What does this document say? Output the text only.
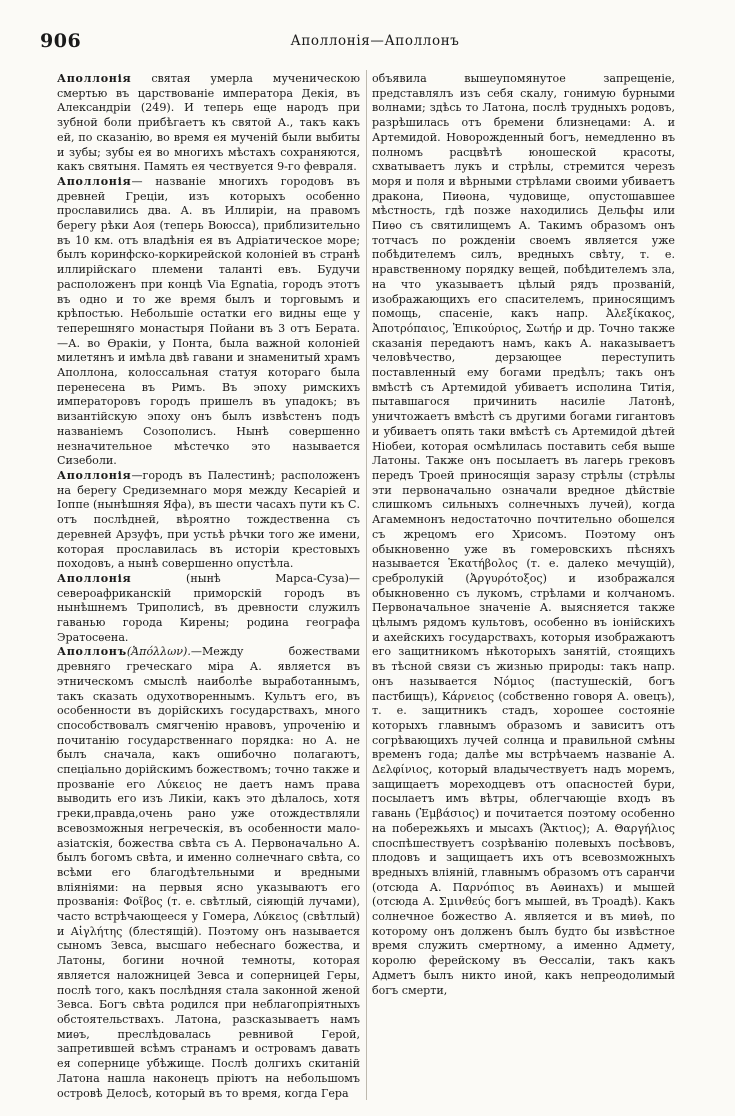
906	Аполлонія—Аполлонъ

Аполлонія святая умерла мученическою смертью въ царствованіе императора Декія, въ Александріи (249). И теперь еще народъ при зубной боли прибѣгаетъ къ святой А., такъ какъ ей, по сказанію, во время ея мученій были выбиты и зубы; зубы ея во многихъ мѣстахъ сохраняются, какъ святыня. Память ея чествуется 9-го февраля.

Аполлонія— названіе многихъ городовъ въ древней Греціи, изъ которыхъ особенно прославились два. А. въ Иллиріи, на правомъ берегу рѣки Аоя (теперь Воюсса), приблизительно въ 10 км. отъ владѣнія ея въ Адріатическое море; былъ коринфско-коркирейской колоніей въ странѣ иллирійскаго племени таланті евъ. Будучи расположенъ при концѣ Via Egnatia, городъ этотъ въ одно и то же время былъ и торговымъ и крѣпостью. Небольшіе остатки его видны еще у теперешняго монастыря Пойани въ 3 отъ Берата.—А. во Ѳракіи, у Понта, была важной колоніей милетянъ и имѣла двѣ гавани и знаменитый храмъ Аполлона, колоссальная статуя котораго была перенесена въ Римъ. Въ эпоху римскихъ императоровъ городъ пришелъ въ упадокъ; въ византійскую эпоху онъ былъ извѣстенъ подъ названіемъ Созополисъ. Нынѣ совершенно незначительное мѣстечко это называется Сизеболи.

Аполлонія—городъ въ Палестинѣ; расположенъ на берегу Средиземнаго моря между Кесаріей и Іоппе (нынѣшняя Яфа), въ шести часахъ пути къ С. отъ послѣдней, вѣроятно тождественна съ деревней Арзуфъ, при устьѣ рѣчки того же имени, которая прославилась въ исторіи крестовыхъ походовъ, а нынѣ совершенно опустѣла.

Аполлонія	(нынѣ Марса-Суза)—североафриканскій приморскій городъ въ нынѣшнемъ Триполисѣ, въ древности служилъ гаванью города Кирены; родина географа Эратосѳена.

Аполлонъ(Ἀπόλλων).—Между божествами древняго греческаго міра А. является въ этническомъ смыслѣ наиболѣе выработаннымъ, такъ сказать одухотвореннымъ. Культъ его, въ особенности въ дорійскихъ государствахъ, много способствовалъ смягченію нравовъ, упроченію и почитанію государственнаго порядка: но А. не былъ сначала, какъ ошибочно полагаютъ, спеціально дорійскимъ божествомъ; точно также и прозваніе его Λύκειος не даетъ намъ права выводить его изъ Ликіи, какъ это дѣлалось, хотя греки,правда,очень рано уже отождествляли всевозможныя негреческія, въ особенности мало-азіатскія, божества свѣта съ А. Первоначально А. былъ богомъ свѣта, и именно солнечнаго свѣта, со всѣми его благодѣтельными и вредными вліяніями: на первыя ясно указываютъ его прозванія: Φοῖβος (т. е. свѣтлый, сіяющій лучами), часто встрѣчающееся у Гомера, Λύκειος (свѣтлый) и Αἰγλήτης (блестящій). Поэтому онъ называется сыномъ Зевса, высшаго небеснаго божества, и Латоны, богини ночной темноты, которая является наложницей Зевса и соперницей Геры, послѣ того, какъ послѣдняя стала законной женой Зевса. Богъ свѣта родился при неблагопріятныхъ обстоятельствахъ. Латона, разсказываетъ намъ миѳъ, преслѣдовалась ревнивой Герой, запретившей всѣмъ странамъ и островамъ давать ея сопернице убѣжище. Послѣ долгихъ скитаній Латона нашла наконецъ пріютъ на небольшомъ островѣ Делосѣ, который въ то время, когда Гера

объявила вышеупомянутое запрещеніе, представлялъ изъ себя скалу, гонимую бурными волнами; здѣсь то Латона, послѣ трудныхъ родовъ, разрѣшилась отъ бремени близнецами: А. и Артемидой. Новорожденный богъ, немедленно въ полномъ расцвѣтѣ юношеской красоты, схватываетъ лукъ и стрѣлы, стремится черезъ моря и поля и вѣрными стрѣлами своими убиваетъ дракона, Пиѳона, чудовище, опустошавшее мѣстность, гдѣ позже находились Дельфы или Пиѳо съ святилищемъ А. Такимъ образомъ онъ тотчасъ по рожденіи своемъ является уже побѣдителемъ силъ, вредныхъ свѣту, т. е. нравственному порядку вещей, побѣдителемъ зла, на что указываетъ цѣлый рядъ прозваній, изображающихъ его спасителемъ, приносящимъ помощь, спасеніе, какъ напр. Ἀλεξίκακος, Ἀποτρόπαιος, Ἐπικούριος, Σωτήρ и др. Точно также сказанія передаютъ намъ, какъ А. наказываетъ человѣчество, дерзающее переступить поставленный ему богами предѣлъ; такъ онъ вмѣстѣ съ Артемидой убиваетъ исполина Титія, пытавшагося причинить насиліе Латонѣ, уничтожаетъ вмѣстѣ съ другими богами гигантовъ и убиваетъ опять таки вмѣстѣ съ Артемидой дѣтей Ніобеи, которая осмѣлилась поставить себя выше Латоны. Также онъ посылаетъ въ лагерь грековъ передъ Троей приносящія заразу стрѣлы (стрѣлы эти первоначально означали вредное дѣйствіе слишкомъ сильныхъ солнечныхъ лучей), когда Агамемнонъ недостаточно почтительно обошелся съ жрецомъ его Хрисомъ. Поэтому онъ обыкновенно уже въ гомеровскихъ пѣсняхъ называется Ἑκατήβολος (т. е. далеко мечущій), сребролукій (Ἀργυρότοξος) и изображался обыкновенно съ лукомъ, стрѣлами и колчаномъ. Первоначальное значеніе А. выясняется также цѣлымъ рядомъ культовъ, особенно въ іонійскихъ и ахейскихъ государствахъ, которыя изображаютъ его защитникомъ нѣкоторыхъ занятій, стоящихъ въ тѣсной связи съ жизнью природы: такъ напр. онъ называется Νόμιος (пастушескій, богъ пастбищъ), Κάρνειος (собственно говоря А. овецъ), т. е. защитникъ стадъ, хорошее состояніе которыхъ главнымъ образомъ и зависитъ отъ согрѣвающихъ лучей солнца и правильной смѣны временъ года; далѣе мы встрѣчаемъ названіе А. Δελφίνιος, который владычествуетъ надъ моремъ, защищаетъ мореходцевъ отъ опасностей бури, посылаетъ имъ вѣтры, облегчающіе входъ въ гавань (Ἐμβάσιος) и почитается поэтому особенно на побережьяхъ и мысахъ (Ἄκτιος); А. Θαργήλιος споспѣшествуетъ созрѣванію полевыхъ посѣвовъ, плодовъ и защищаетъ ихъ отъ всевозможныхъ вредныхъ вліяній, главнымъ образомъ отъ саранчи (отсюда А. Παρνόπιος въ Аѳинахъ) и мышей (отсюда А. Σμινθεύς богъ мышей, въ Троадѣ). Какъ солнечное божество А. является и въ миѳѣ, по которому онъ долженъ былъ будто бы извѣстное время служить смертному, а именно Адмету, королю ферейскому въ Ѳессаліи, такъ какъ Адметъ былъ никто иной, какъ непреодолимый богъ смерти,
